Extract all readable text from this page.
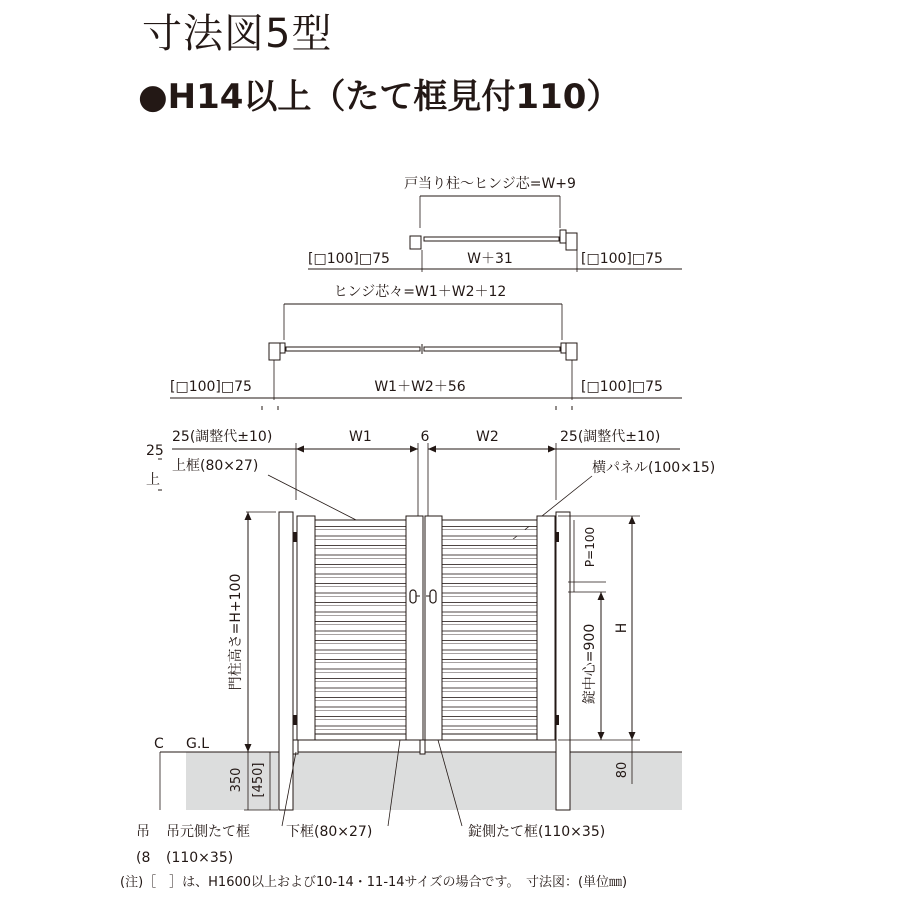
寸法図5型
●H14以上（たて框見付110）
戸当り柱～ヒンジ芯=W+9
[□100]□75	W＋31	[□100]□75
ヒンジ芯々=W1＋W2＋12
[□100]□75	W1＋W2＋56	[□100]□75
25(調整代±10)	W1	6	W2	25(調整代±10)
25
上
上框(80×27)	横パネル(100×15)
C G.L
門柱高さ=H+100
350 [450]
H
P=100
錠中心=900
80
吊
(8
吊元側たて框
(110×35)
下框(80×27)	錠側たて框(110×35)
(注)［　］は、H1600以上および10-14・11-14サイズの場合です。　寸法図：(単位㎜)
